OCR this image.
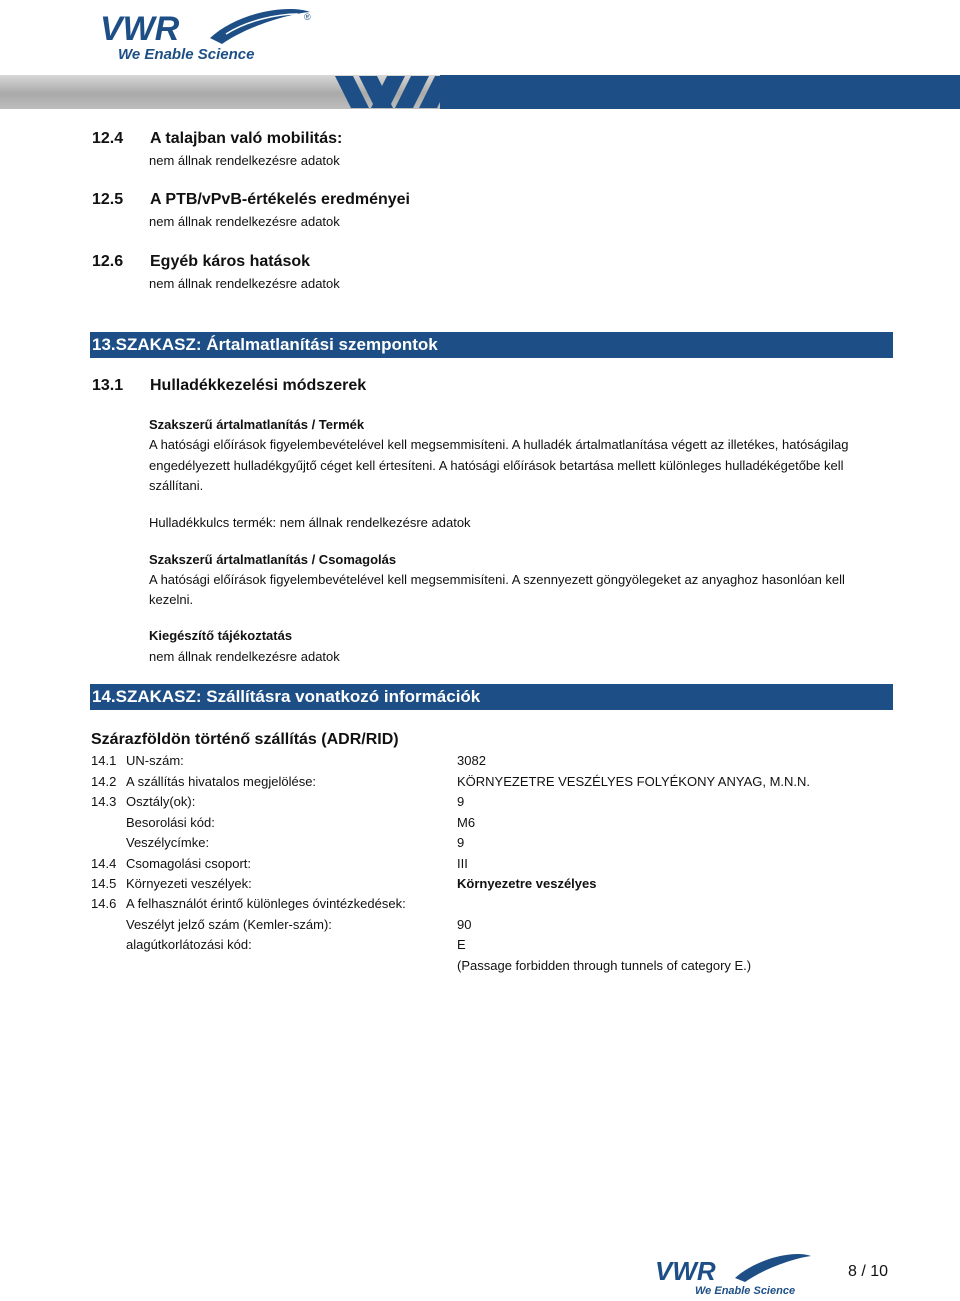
VWR	®
We Enable Science
12.4 A talajban való mobilitás:
nem állnak rendelkezésre adatok
12.5 A PTB/vPvB-értékelés eredményei
nem állnak rendelkezésre adatok
12.6 Egyéb káros hatások
nem állnak rendelkezésre adatok
13.SZAKASZ: Ártalmatlanítási szempontok
13.1 Hulladékkezelési módszerek
Szakszerű ártalmatlanítás / Termék
A hatósági előírások figyelembevételével kell megsemmisíteni. A hulladék ártalmatlanítása végett az illetékes, hatóságilag
engedélyezett hulladékgyűjtő céget kell értesíteni. A hatósági előírások betartása mellett különleges hulladékégetőbe kell
szállítani.
Hulladékkulcs termék: nem állnak rendelkezésre adatok
Szakszerű ártalmatlanítás / Csomagolás
A hatósági előírások figyelembevételével kell megsemmisíteni. A szennyezett göngyölegeket az anyaghoz hasonlóan kell
kezelni.
Kiegészítő tájékoztatás
nem állnak rendelkezésre adatok
14.SZAKASZ: Szállításra vonatkozó információk
Szárazföldön történő szállítás (ADR/RID)
14.1 UN-szám:	3082
14.2 A szállítás hivatalos megjelölése:	KÖRNYEZETRE VESZÉLYES FOLYÉKONY ANYAG, M.N.N.
14.3 Osztály(ok):	9
Besorolási kód:	M6
Veszélycímke:	9
14.4 Csomagolási csoport:	III
14.5 Környezeti veszélyek:	Környezetre veszélyes
14.6 A felhasználót érintő különleges óvintézkedések:
Veszélyt jelző szám (Kemler-szám):	90
alagútkorlátozási kód:	E
(Passage forbidden through tunnels of category E.)
VWR
We Enable Science
8 / 10
